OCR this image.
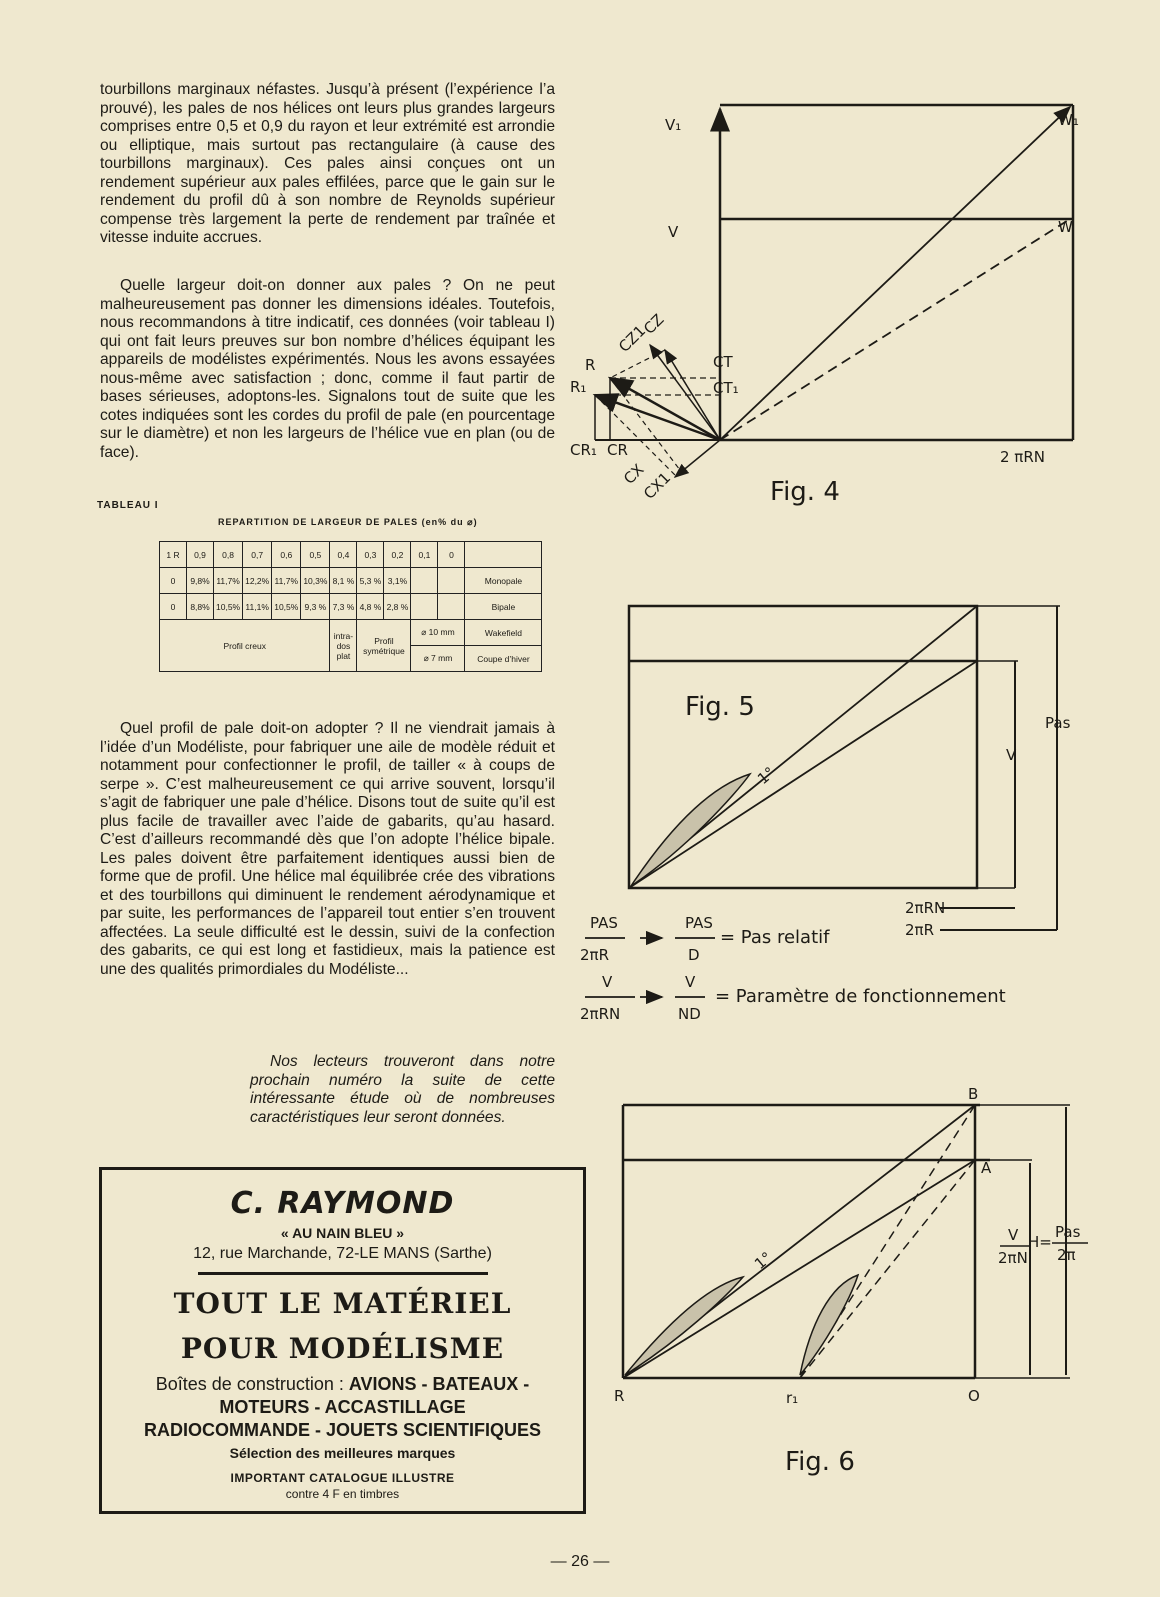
tourbillons marginaux néfastes. Jusqu’à présent (l’expérience l’a prouvé), les pales de nos hélices ont leurs plus grandes largeurs comprises entre 0,5 et 0,9 du rayon et leur extrémité est arrondie ou elliptique, mais surtout pas rectangulaire (à cause des tourbillons marginaux). Ces pales ainsi conçues ont un rendement supérieur aux pales effilées, parce que le gain sur le rendement du profil dû à son nombre de Reynolds supérieur compense très largement la perte de rendement par traînée et vitesse induite accrues.

Quelle largeur doit-on donner aux pales ? On ne peut malheureusement pas donner les dimensions idéales. Toutefois, nous recommandons à titre indicatif, ces données (voir tableau I) qui ont fait leurs preuves sur bon nombre d’hélices équipant les appareils de modélistes expérimentés. Nous les avons essayées nous-même avec satisfaction ; donc, comme il faut partir de bases sérieuses, adoptons-les. Signalons tout de suite que les cotes indiquées sont les cordes du profil de pale (en pourcentage sur le diamètre) et non les largeurs de l’hélice vue en plan (ou de face).

TABLEAU I
REPARTITION DE LARGEUR DE PALES (en% du ⌀)
1 R	0,9	0,8	0,7	0,6	0,5	0,4	0,3	0,2	0,1	0	
0	9,8%	11,7%	12,2%	11,7%	10,3%	8,1 %	5,3 %	3,1%			Monopale
0	8,8%	10,5%	11,1%	10,5%	9,3 %	7,3 %	4,8 %	2,8 %			Bipale
Profil creux						intra-dos plat	Profil symétrique		⌀ 10 mm		Wakefield
									⌀ 7 mm		Coupe d’hiver

Quel profil de pale doit-on adopter ? Il ne viendrait jamais à l’idée d’un Modéliste, pour fabriquer une aile de modèle réduit et notamment pour confectionner le profil, de tailler « à coups de serpe ». C’est malheureusement ce qui arrive souvent, lorsqu’il s’agit de fabriquer une pale d’hélice. Disons tout de suite qu’il est plus facile de travailler avec l’aide de gabarits, qu’au hasard. C’est d’ailleurs recommandé dès que l’on adopte l’hélice bipale. Les pales doivent être parfaitement identiques aussi bien de forme que de profil. Une hélice mal équilibrée crée des vibrations et des tourbillons qui diminuent le rendement aérodynamique et par suite, les performances de l’appareil tout entier s’en trouvent affectées. La seule difficulté est le dessin, suivi de la confection des gabarits, ce qui est long et fastidieux, mais la patience est une des qualités primordiales du Modéliste...

Nos lecteurs trouveront dans notre prochain numéro la suite de cette intéressante étude où de nombreuses caractéristiques leur seront données.
C. RAYMOND
« AU NAIN BLEU »
12, rue Marchande, 72-LE MANS (Sarthe)
TOUT LE MATÉRIEL
POUR MODÉLISME
Boîtes de construction : AVIONS - BATEAUX -
MOTEURS - ACCASTILLAGE
RADIOCOMMANDE - JOUETS SCIENTIFIQUES
Sélection des meilleures marques
IMPORTANT CATALOGUE ILLUSTRE
contre 4 F en timbres
V₁
V
W₁
W
R
R₁
CT
CT₁
CR₁ CR
CZ
CZ1
CX
CX1
2 πRN
Fig. 4
Pas
V
1°
2πRN
2πR
Fig. 5
PAS
2πR
PAS
D
= Pas relatif
V
2πRN
V
ND
= Paramètre de fonctionnement
B
A
R	r₁	O
1°
H=
Pas
2π
V
2πN
Fig. 6
— 26 —
